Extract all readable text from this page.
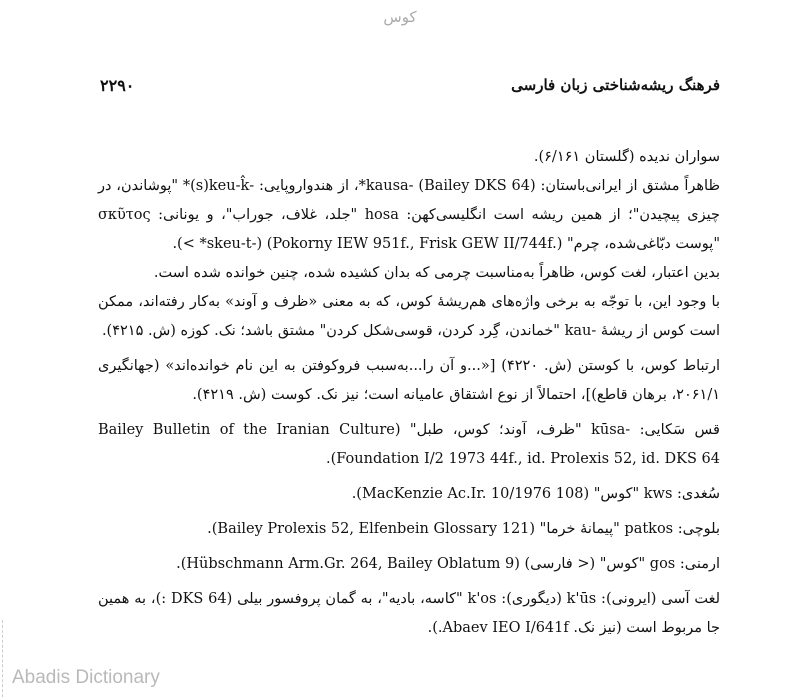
کوس
فرهنگ ریشه‌شناختی زبان فارسی
۲۲۹۰

سواران ندیده (گلستان ۶/۱۶۱).

ظاهراً مشتق از ایرانی‌باستان: ‎*kausa- (Bailey DKS 64)‎، از هندواروپایی: ‎*(s)keu-k̂-‎ "پوشاندن، در چیزی پیچیدن"؛ از همین ریشه است انگلیسی‌کهن: hosa "جلد، غلاف، جوراب"، و یونانی: σκῦτος "پوست دبّاغی‌شده، چرم" ‎(< *skeu-t-) (Pokorny IEW 951f., Frisk GEW II/744f.)‎.

بدین اعتبار، لغت کوس، ظاهراً به‌مناسبت چرمی که بدان کشیده شده، چنین خوانده شده است.

با وجود این، با توجّه به برخی واژه‌های هم‌ریشهٔ کوس، که به معنی «ظرف و آوند» به‌کار رفته‌اند، ممکن است کوس از ریشهٔ -kau "خماندن، گِرد کردن، قوسی‌شکل کردن" مشتق باشد؛ نک. کوزه (ش. ۴۲۱۵).

ارتباط کوس، با کوستن (ش. ۴۲۲۰) [«...و آن را...به‌سبب فروکوفتن به این نام خوانده‌اند» (جهانگیری ۲۰۶۱/۱، برهان قاطع)]، احتمالاً از نوع اشتقاق عامیانه است؛ نیز نک. کوست (ش. ۴۲۱۹).

قس سَکایی: -kūsa "ظرف، آوند؛ کوس، طبل" (Bailey Bulletin of the Iranian Culture Foundation I/2 1973 44f., id. Prolexis 52, id. DKS 64).

سُغدی: kws "کوس" (MacKenzie Ac.Ir. 10/1976 108).

بلوچی: patkos "پیمانهٔ خرما" (Bailey Prolexis 52, Elfenbein Glossary 121).

ارمنی: gos "کوس" (< فارسی) (Hübschmann Arm.Gr. 264, Bailey Oblatum 9).

لغت آسی (ایرونی): k'ūs (دیگوری): k'os "کاسه، بادیه"، به گمان پروفسور بیلی (DKS 64 :)، به همین جا مربوط است (نیز نک. Abaev IEO I/641f.).

Abadis Dictionary
